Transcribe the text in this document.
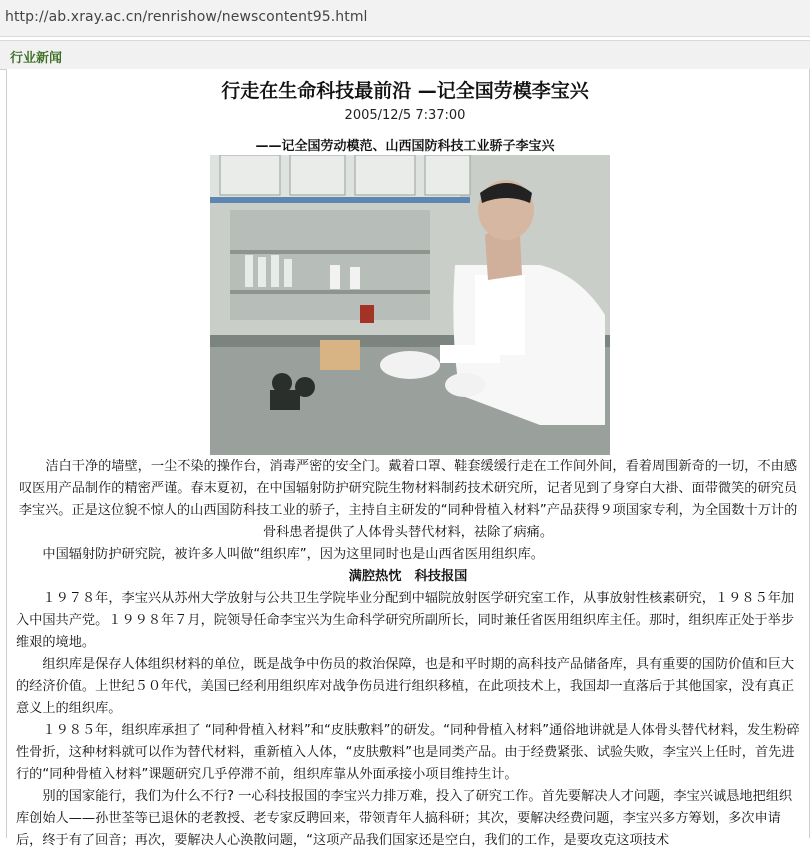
http://ab.xray.ac.cn/renrishow/newscontent95.html
行业新闻
行走在生命科技最前沿 —记全国劳模李宝兴
2005/12/5 7:37:00
——记全国劳动模范、山西国防科技工业骄子李宝兴

洁白干净的墙壁，一尘不染的操作台，消毒严密的安全门。戴着口罩、鞋套缓缓行走在工作间外间，看着周围新奇的一切，不由感叹医用产品制作的精密严谨。春末夏初，在中国辐射防护研究院生物材料制药技术研究所，记者见到了身穿白大褂、面带微笑的研究员李宝兴。正是这位貌不惊人的山西国防科技工业的骄子，主持自主研发的“同种骨植入材料”产品获得９项国家专利，为全国数十万计的骨科患者提供了人体骨头替代材料，祛除了病痛。

中国辐射防护研究院，被许多人叫做“组织库”，因为这里同时也是山西省医用组织库。

满腔热忱　科技报国

１９７８年，李宝兴从苏州大学放射与公共卫生学院毕业分配到中辐院放射医学研究室工作，从事放射性核素研究，１９８５年加入中国共产党。１９９８年７月，院领导任命李宝兴为生命科学研究所副所长，同时兼任省医用组织库主任。那时，组织库正处于举步维艰的境地。

组织库是保存人体组织材料的单位，既是战争中伤员的救治保障，也是和平时期的高科技产品储备库，具有重要的国防价值和巨大的经济价值。上世纪５０年代，美国已经利用组织库对战争伤员进行组织移植，在此项技术上，我国却一直落后于其他国家，没有真正意义上的组织库。

１９８５年，组织库承担了 “同种骨植入材料”和“皮肤敷料”的研发。“同种骨植入材料”通俗地讲就是人体骨头替代材料，发生粉碎性骨折，这种材料就可以作为替代材料，重新植入人体，“皮肤敷料”也是同类产品。由于经费紧张、试验失败，李宝兴上任时，首先进行的“同种骨植入材料”课题研究几乎停滞不前，组织库靠从外面承接小项目维持生计。

别的国家能行，我们为什么不行? 一心科技报国的李宝兴力排万难，投入了研究工作。首先要解决人才问题，李宝兴诚恳地把组织库创始人——孙世荃等已退休的老教授、老专家反聘回来，带领青年人搞科研；其次，要解决经费问题，李宝兴多方筹划，多次申请后，终于有了回音；再次，要解决人心涣散问题，“这项产品我们国家还是空白，我们的工作，是要攻克这项技术
